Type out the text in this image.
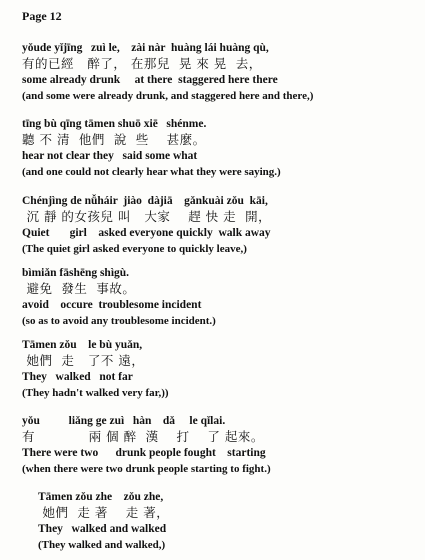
Page 12
yǒude yǐjīng   zuì le,    zài nàr  huàng lái huàng qù,
有的已經   醉了， 在那兒  晃 來 晃  去，
some already drunk     at there  staggered here there
(and some were already drunk, and staggered here and there,)
tīng bù qīng tāmen shuō xiē   shénme.
聽 不 清  他們  說  些    甚麼。
hear not clear they   said some what
(and one could not clearly hear what they were saying.)
Chénjìng de nǚháir  jiào  dàjiā    gǎnkuài zǒu  kāi,
沉 靜 的女孩兒 叫   大家    趕 快 走  開，
Quiet       girl    asked everyone quickly  walk away
(The quiet girl asked everyone to quickly leave,)
bìmiǎn fāshēng shìgù.
避免  發生  事故。
avoid    occure  troublesome incident
(so as to avoid any troublesome incident.)
Tāmen zǒu    le bù yuǎn,
她們  走   了不 遠，
They   walked   not far
(They hadn't walked very far,))
yǒu          liǎng ge zuì   hàn    dǎ     le qǐlai.
有            兩 個 醉  漢    打    了 起來。
There were two      drunk people fought    starting
(when there were two drunk people starting to fight.)
Tāmen zǒu zhe    zǒu zhe,
她們  走 著    走 著，
They   walked and walked
(They walked and walked,)
